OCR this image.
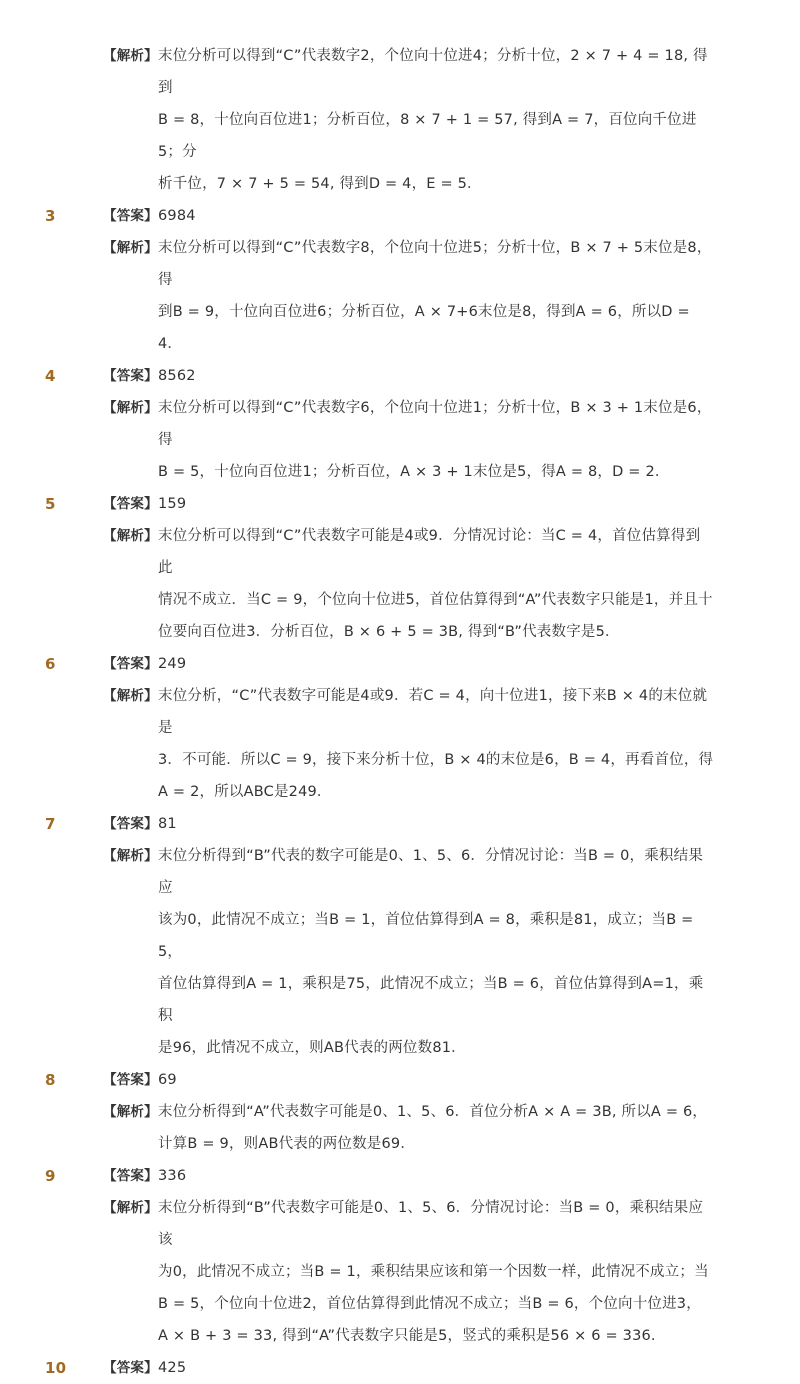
【解析】 末位分析可以得到“C”代表数字2，个位向十位进4；分析十位，2 × 7 + 4 = 18, 得到
B = 8，十位向百位进1；分析百位，8 × 7 + 1 = 57, 得到A = 7，百位向千位进5；分
析千位，7 × 7 + 5 = 54, 得到D = 4，E = 5．
3	【答案】 6984
【解析】 末位分析可以得到“C”代表数字8，个位向十位进5；分析十位，B × 7 + 5末位是8，得
到B = 9，十位向百位进6；分析百位，A × 7+6末位是8，得到A = 6，所以D = 4．
4	【答案】 8562
【解析】 末位分析可以得到“C”代表数字6，个位向十位进1；分析十位，B × 3 + 1末位是6，得
B = 5，十位向百位进1；分析百位，A × 3 + 1末位是5，得A = 8，D = 2．
5	【答案】 159
【解析】 末位分析可以得到“C”代表数字可能是4或9．分情况讨论：当C = 4，首位估算得到此
情况不成立．当C = 9，个位向十位进5，首位估算得到“A”代表数字只能是1，并且十
位要向百位进3．分析百位，B × 6 + 5 = 3B, 得到“B”代表数字是5．
6	【答案】 249
【解析】 末位分析，“C”代表数字可能是4或9．若C = 4，向十位进1，接下来B × 4的末位就是
3．不可能．所以C = 9，接下来分析十位，B × 4的末位是6，B = 4，再看首位，得
A = 2，所以ABC是249．
7	【答案】 81
【解析】 末位分析得到“B”代表的数字可能是0、1、5、6．分情况讨论：当B = 0，乘积结果应
该为0，此情况不成立；当B = 1，首位估算得到A = 8，乘积是81，成立；当B = 5，
首位估算得到A = 1，乘积是75，此情况不成立；当B = 6，首位估算得到A=1，乘积
是96，此情况不成立，则AB代表的两位数81．
8	【答案】 69
【解析】 末位分析得到“A”代表数字可能是0、1、5、6．首位分析A × A = 3B, 所以A = 6，
计算B = 9，则AB代表的两位数是69．
9	【答案】 336
【解析】 末位分析得到“B”代表数字可能是0、1、5、6．分情况讨论：当B = 0，乘积结果应该
为0，此情况不成立；当B = 1，乘积结果应该和第一个因数一样，此情况不成立；当
B = 5，个位向十位进2，首位估算得到此情况不成立；当B = 6，个位向十位进3，
A × B + 3 = 33, 得到“A”代表数字只能是5，竖式的乘积是56 × 6 = 336.
10	【答案】 425
